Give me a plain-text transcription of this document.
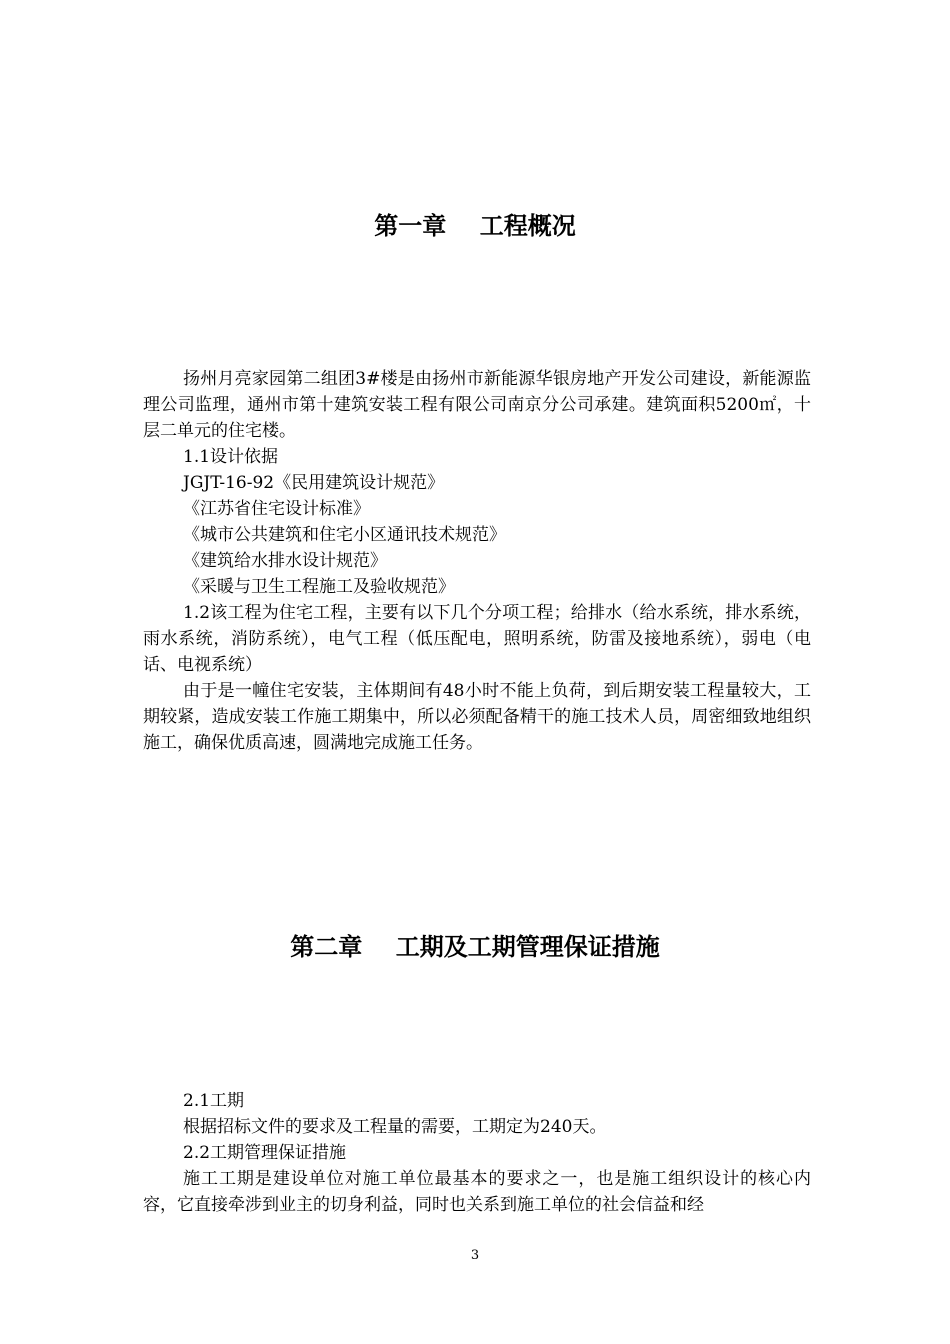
第一章    工程概况

扬州月亮家园第二组团3#楼是由扬州市新能源华银房地产开发公司建设，新能源监理公司监理，通州市第十建筑安装工程有限公司南京分公司承建。建筑面积5200㎡，十层二单元的住宅楼。

1.1设计依据

JGJT-16-92《民用建筑设计规范》

《江苏省住宅设计标准》

《城市公共建筑和住宅小区通讯技术规范》

《建筑给水排水设计规范》

《采暖与卫生工程施工及验收规范》

1.2该工程为住宅工程，主要有以下几个分项工程；给排水（给水系统，排水系统，雨水系统，消防系统），电气工程（低压配电，照明系统，防雷及接地系统），弱电（电话、电视系统）

由于是一幢住宅安装，主体期间有48小时不能上负荷，到后期安装工程量较大，工期较紧，造成安装工作施工期集中，所以必须配备精干的施工技术人员，周密细致地组织施工，确保优质高速，圆满地完成施工任务。

第二章    工期及工期管理保证措施

2.1工期

根据招标文件的要求及工程量的需要，工期定为240天。

2.2工期管理保证措施

施工工期是建设单位对施工单位最基本的要求之一，也是施工组织设计的核心内容，它直接牵涉到业主的切身利益，同时也关系到施工单位的社会信益和经

3
